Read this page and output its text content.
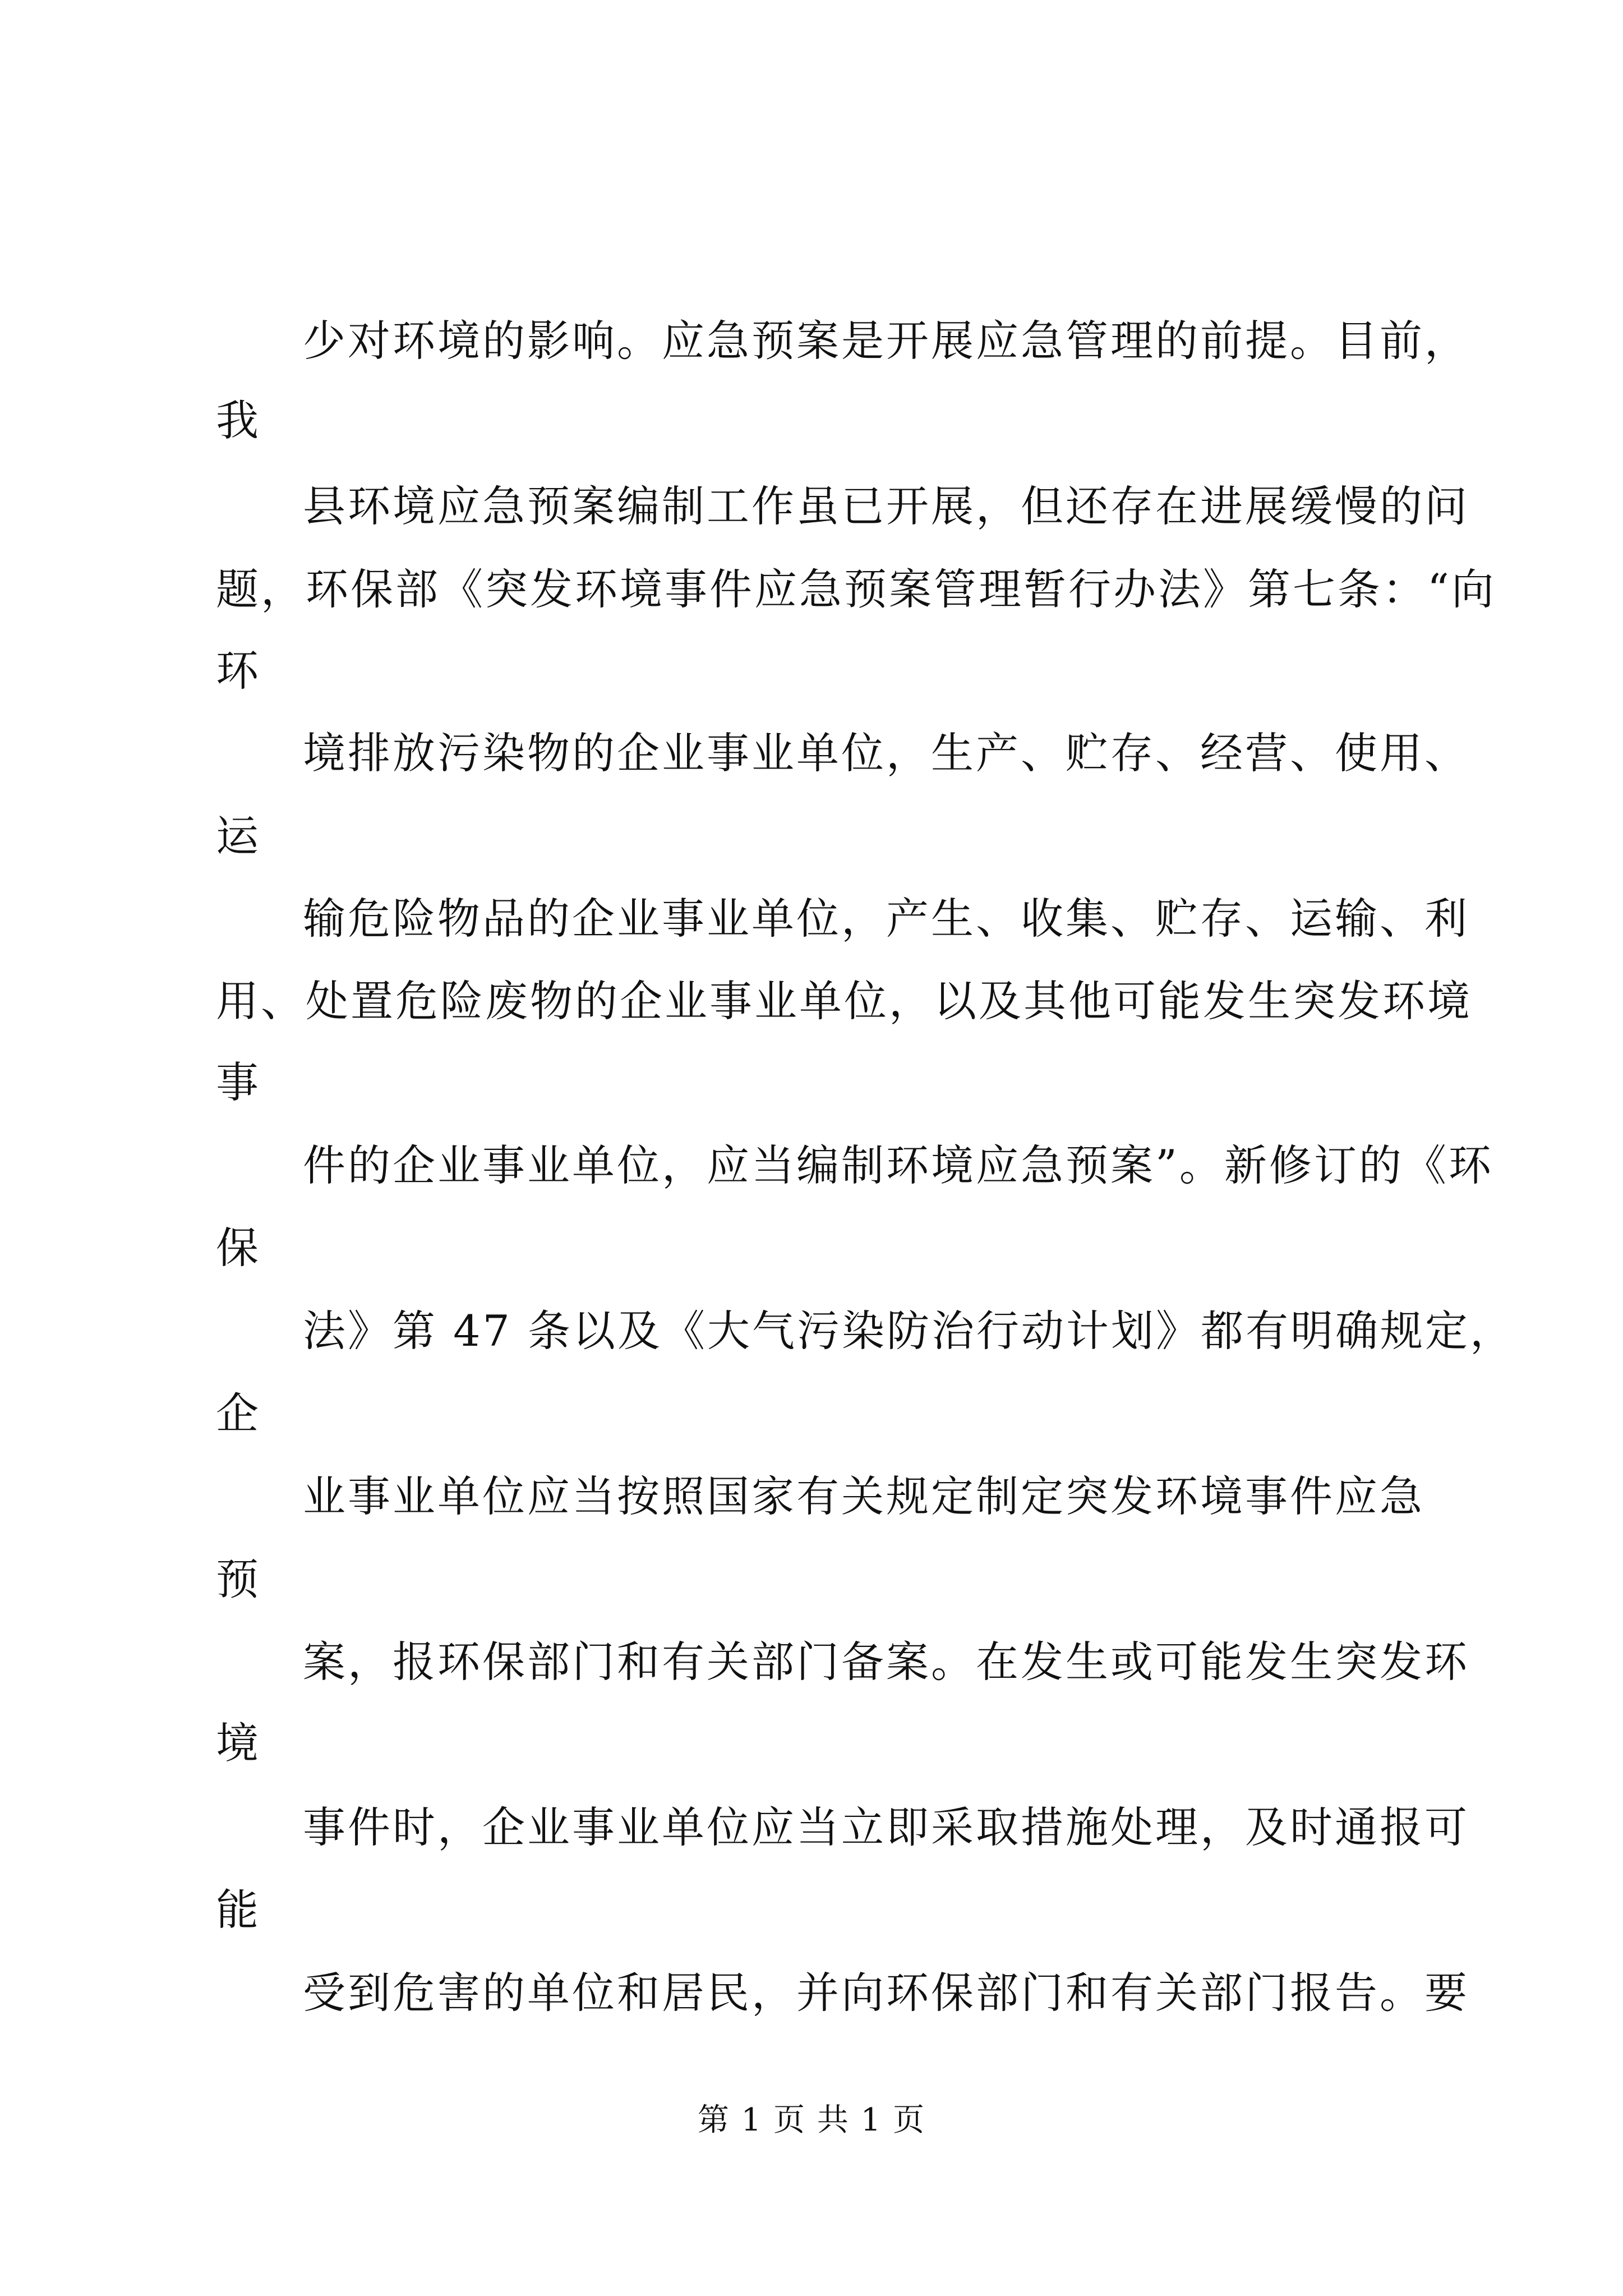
少对环境的影响。应急预案是开展应急管理的前提。目前，
我
县环境应急预案编制工作虽已开展，但还存在进展缓慢的问
题，环保部《突发环境事件应急预案管理暂行办法》第七条：“向
环
境排放污染物的企业事业单位，生产、贮存、经营、使用、
运
输危险物品的企业事业单位，产生、收集、贮存、运输、利
用、处置危险废物的企业事业单位，以及其他可能发生突发环境
事
件的企业事业单位，应当编制环境应急预案”。新修订的《环
保
法》第 47 条以及《大气污染防治行动计划》都有明确规定，
企
业事业单位应当按照国家有关规定制定突发环境事件应急
预
案，报环保部门和有关部门备案。在发生或可能发生突发环
境
事件时，企业事业单位应当立即采取措施处理，及时通报可
能
受到危害的单位和居民，并向环保部门和有关部门报告。要
第 1 页 共 1 页
